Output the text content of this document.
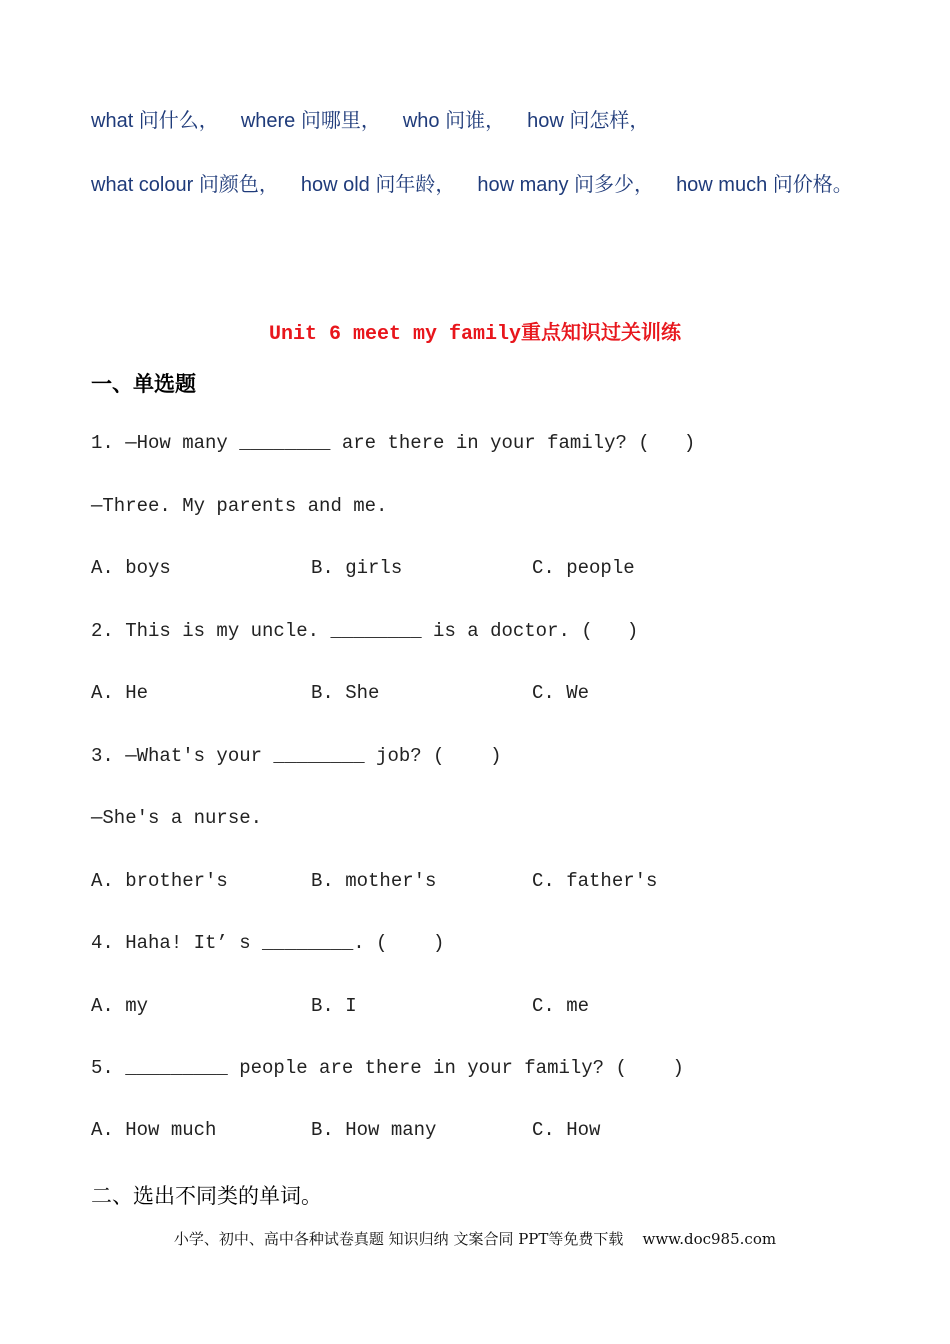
what 问什么， where 问哪里， who 问谁， how 问怎样，
what colour 问颜色， how old 问年龄， how many 问多少， how much 问价格。
Unit 6 meet my family重点知识过关训练
一、单选题
1. —How many ________ are there in your family? (   )
—Three. My parents and me.
A. boys	B. girls	C. people
2. This is my uncle. ________ is a doctor. (   )
A. He	B. She	C. We
3. —What's your ________ job? (    )
—She's a nurse.
A. brother's	B. mother's	C. father's
4. Haha! It’ s ________. (    )
A. my	B. I	C. me
5. _________ people are there in your family? (    )
A. How much	B. How many	C. How
二、选出不同类的单词。
小学、初中、高中各种试卷真题 知识归纳 文案合同 PPT等免费下载    www.doc985.com
